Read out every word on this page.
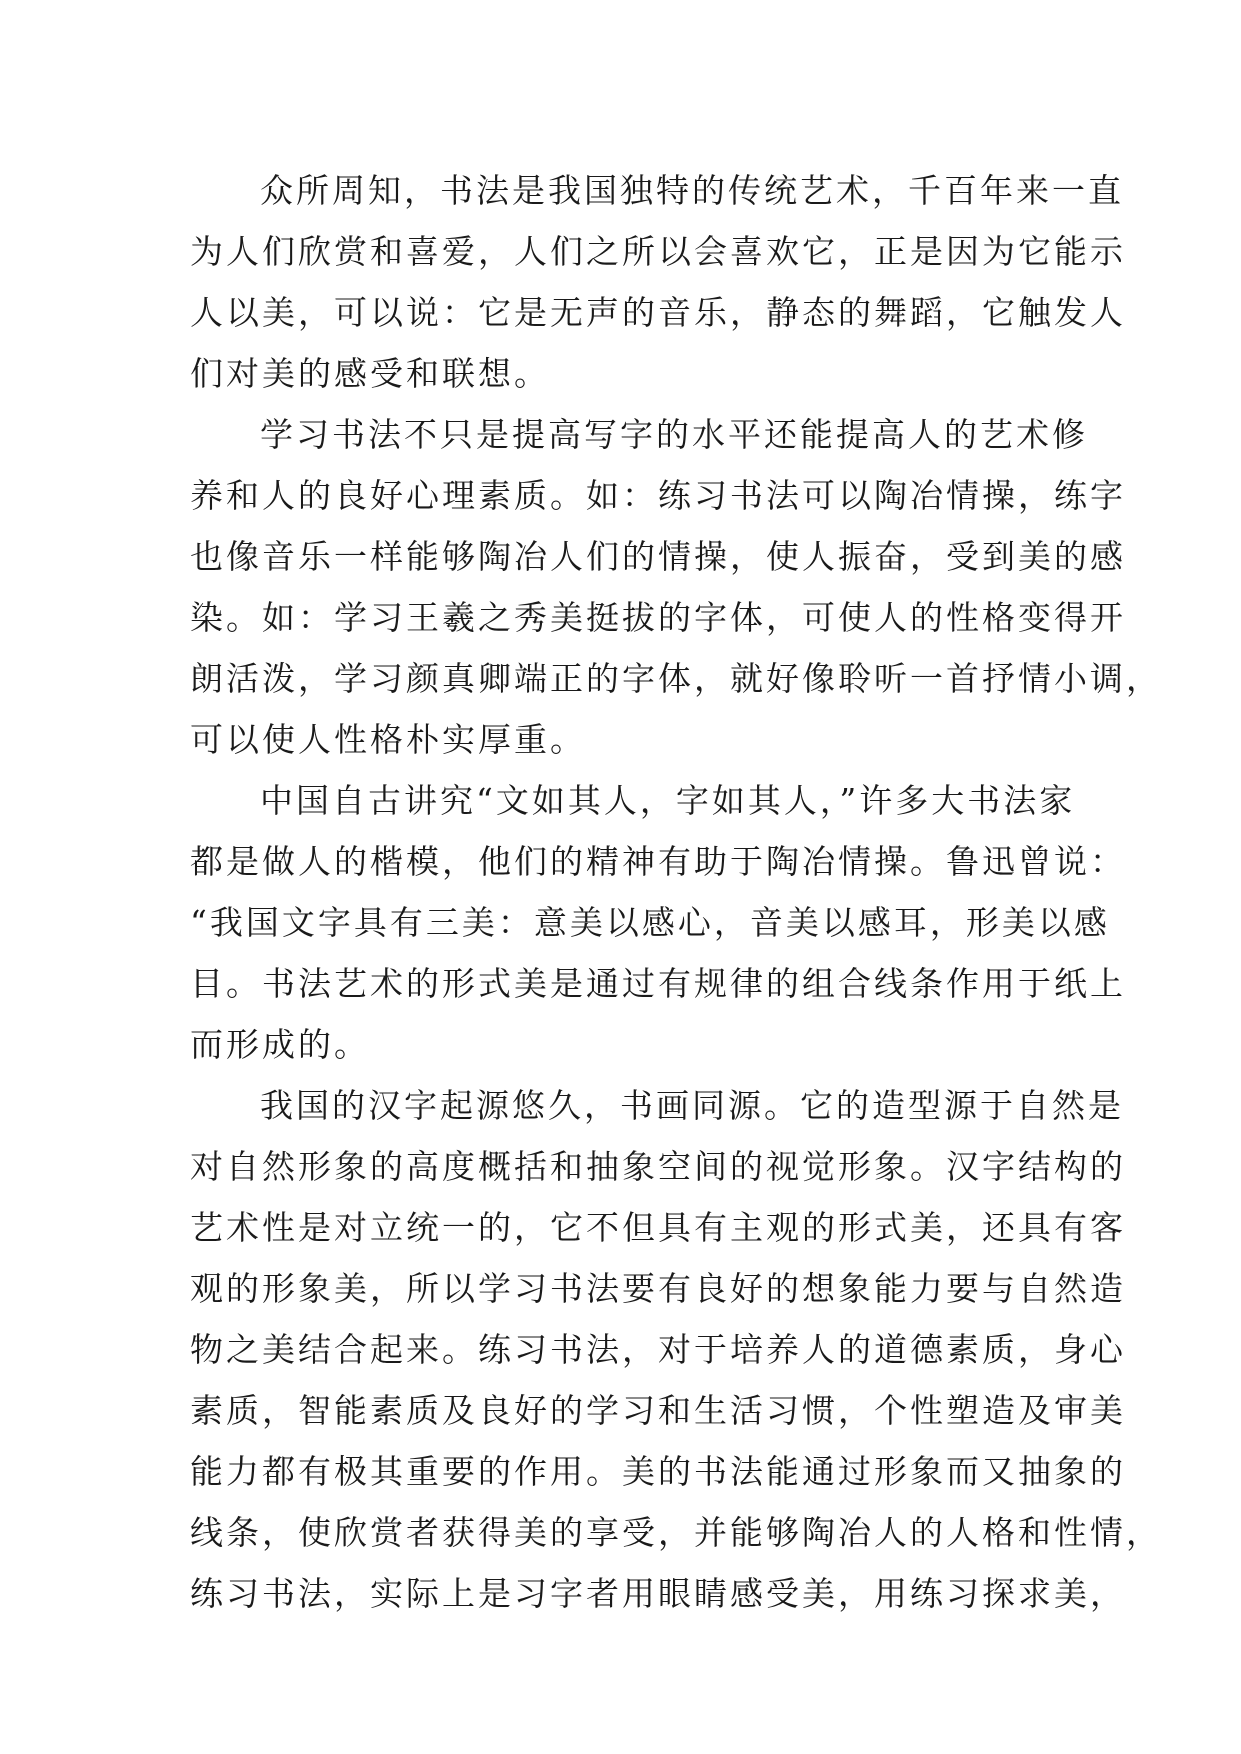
众所周知，书法是我国独特的传统艺术，千百年来一直
为人们欣赏和喜爱，人们之所以会喜欢它，正是因为它能示
人以美，可以说：它是无声的音乐，静态的舞蹈，它触发人
们对美的感受和联想。
学习书法不只是提高写字的水平还能提高人的艺术修
养和人的良好心理素质。如：练习书法可以陶冶情操，练字
也像音乐一样能够陶冶人们的情操，使人振奋，受到美的感
染。如：学习王羲之秀美挺拔的字体，可使人的性格变得开
朗活泼，学习颜真卿端正的字体，就好像聆听一首抒情小调，
可以使人性格朴实厚重。
中国自古讲究“文如其人，字如其人，”许多大书法家
都是做人的楷模，他们的精神有助于陶冶情操。鲁迅曾说：
“我国文字具有三美：意美以感心，音美以感耳，形美以感
目。书法艺术的形式美是通过有规律的组合线条作用于纸上
而形成的。
我国的汉字起源悠久，书画同源。它的造型源于自然是
对自然形象的高度概括和抽象空间的视觉形象。汉字结构的
艺术性是对立统一的，它不但具有主观的形式美，还具有客
观的形象美，所以学习书法要有良好的想象能力要与自然造
物之美结合起来。练习书法，对于培养人的道德素质，身心
素质，智能素质及良好的学习和生活习惯，个性塑造及审美
能力都有极其重要的作用。美的书法能通过形象而又抽象的
线条，使欣赏者获得美的享受，并能够陶冶人的人格和性情，
练习书法，实际上是习字者用眼睛感受美，用练习探求美，
